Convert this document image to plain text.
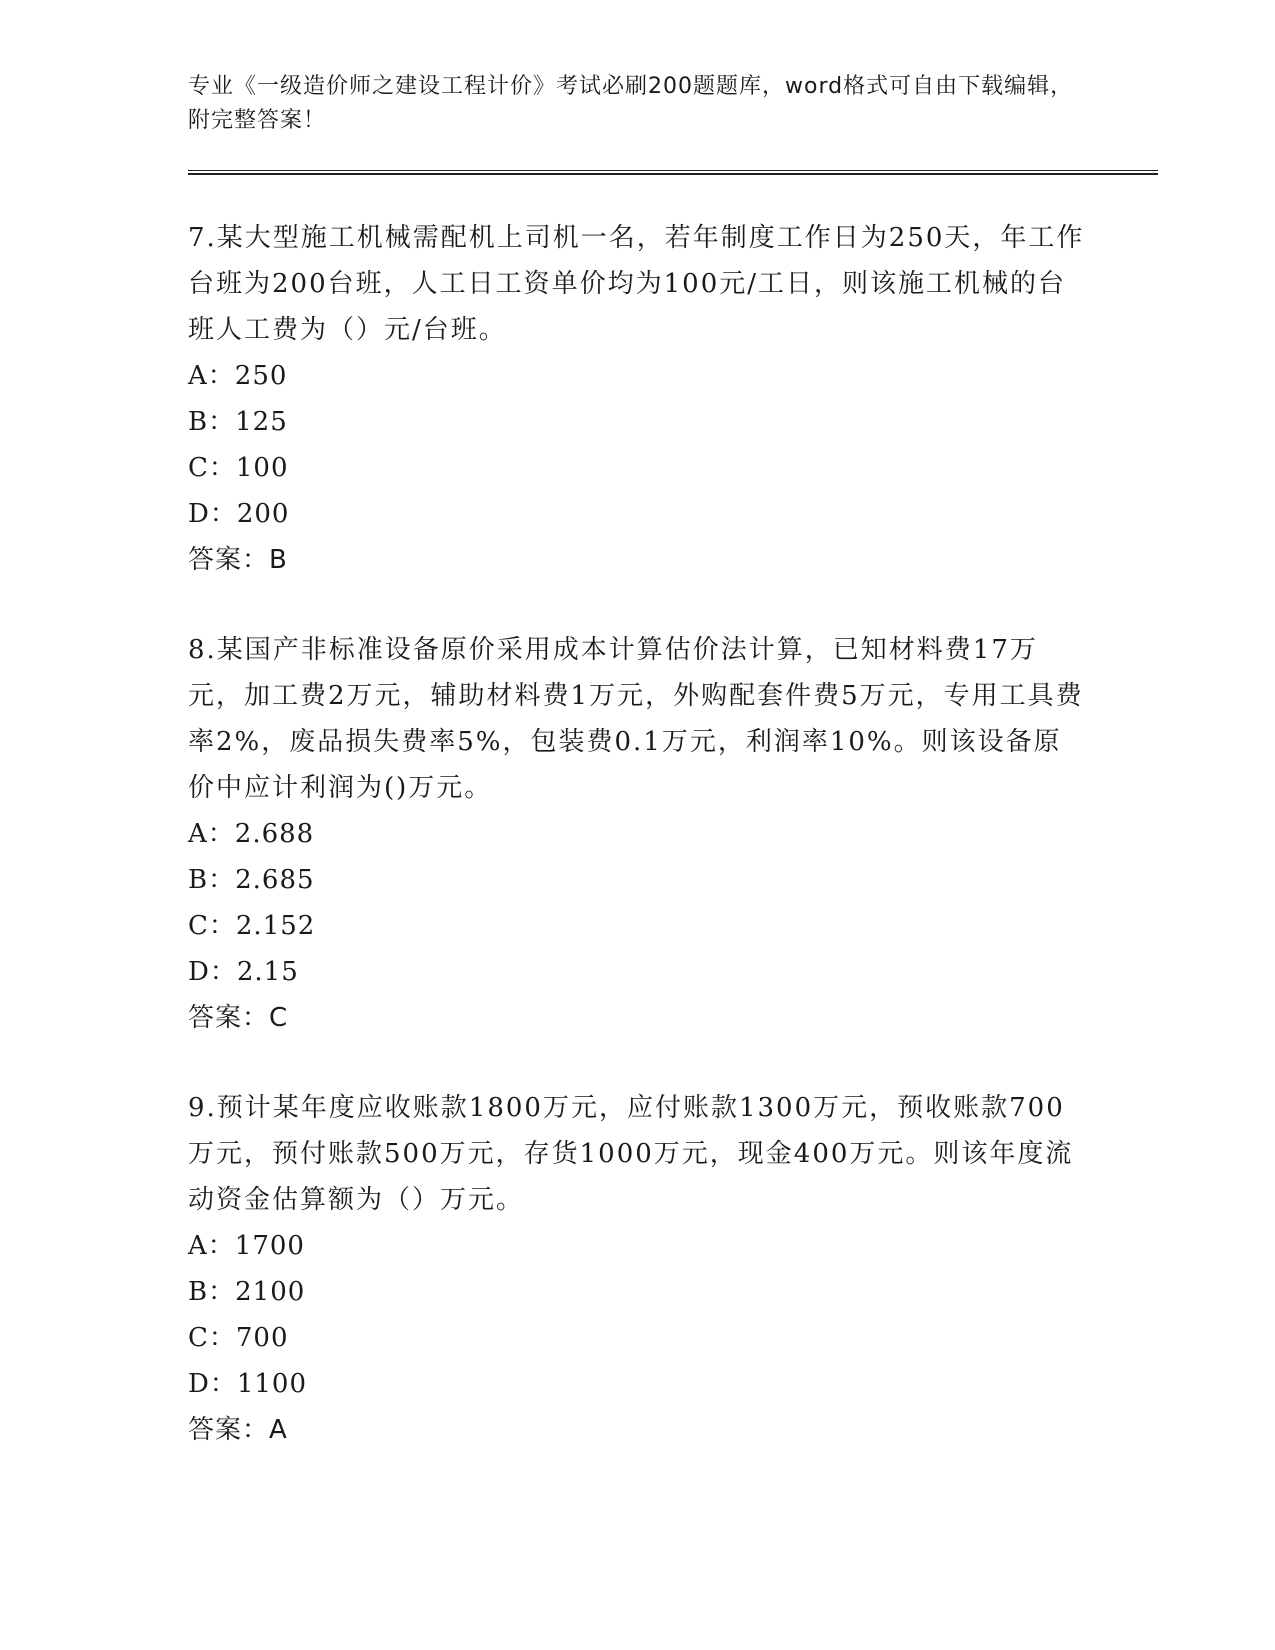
专业《一级造价师之建设工程计价》考试必刷200题题库，word格式可自由下载编辑，附完整答案！
7.某大型施工机械需配机上司机一名，若年制度工作日为250天，年工作台班为200台班，人工日工资单价均为100元/工日，则该施工机械的台班人工费为（）元/台班。
A：250
B：125
C：100
D：200
答案：B
8.某国产非标准设备原价采用成本计算估价法计算，已知材料费17万元，加工费2万元，辅助材料费1万元，外购配套件费5万元，专用工具费率2%，废品损失费率5%，包装费0.1万元，利润率10%。则该设备原价中应计利润为()万元。
A：2.688
B：2.685
C：2.152
D：2.15
答案：C
9.预计某年度应收账款1800万元，应付账款1300万元，预收账款700万元，预付账款500万元，存货1000万元，现金400万元。则该年度流动资金估算额为（）万元。
A：1700
B：2100
C：700
D：1100
答案：A
